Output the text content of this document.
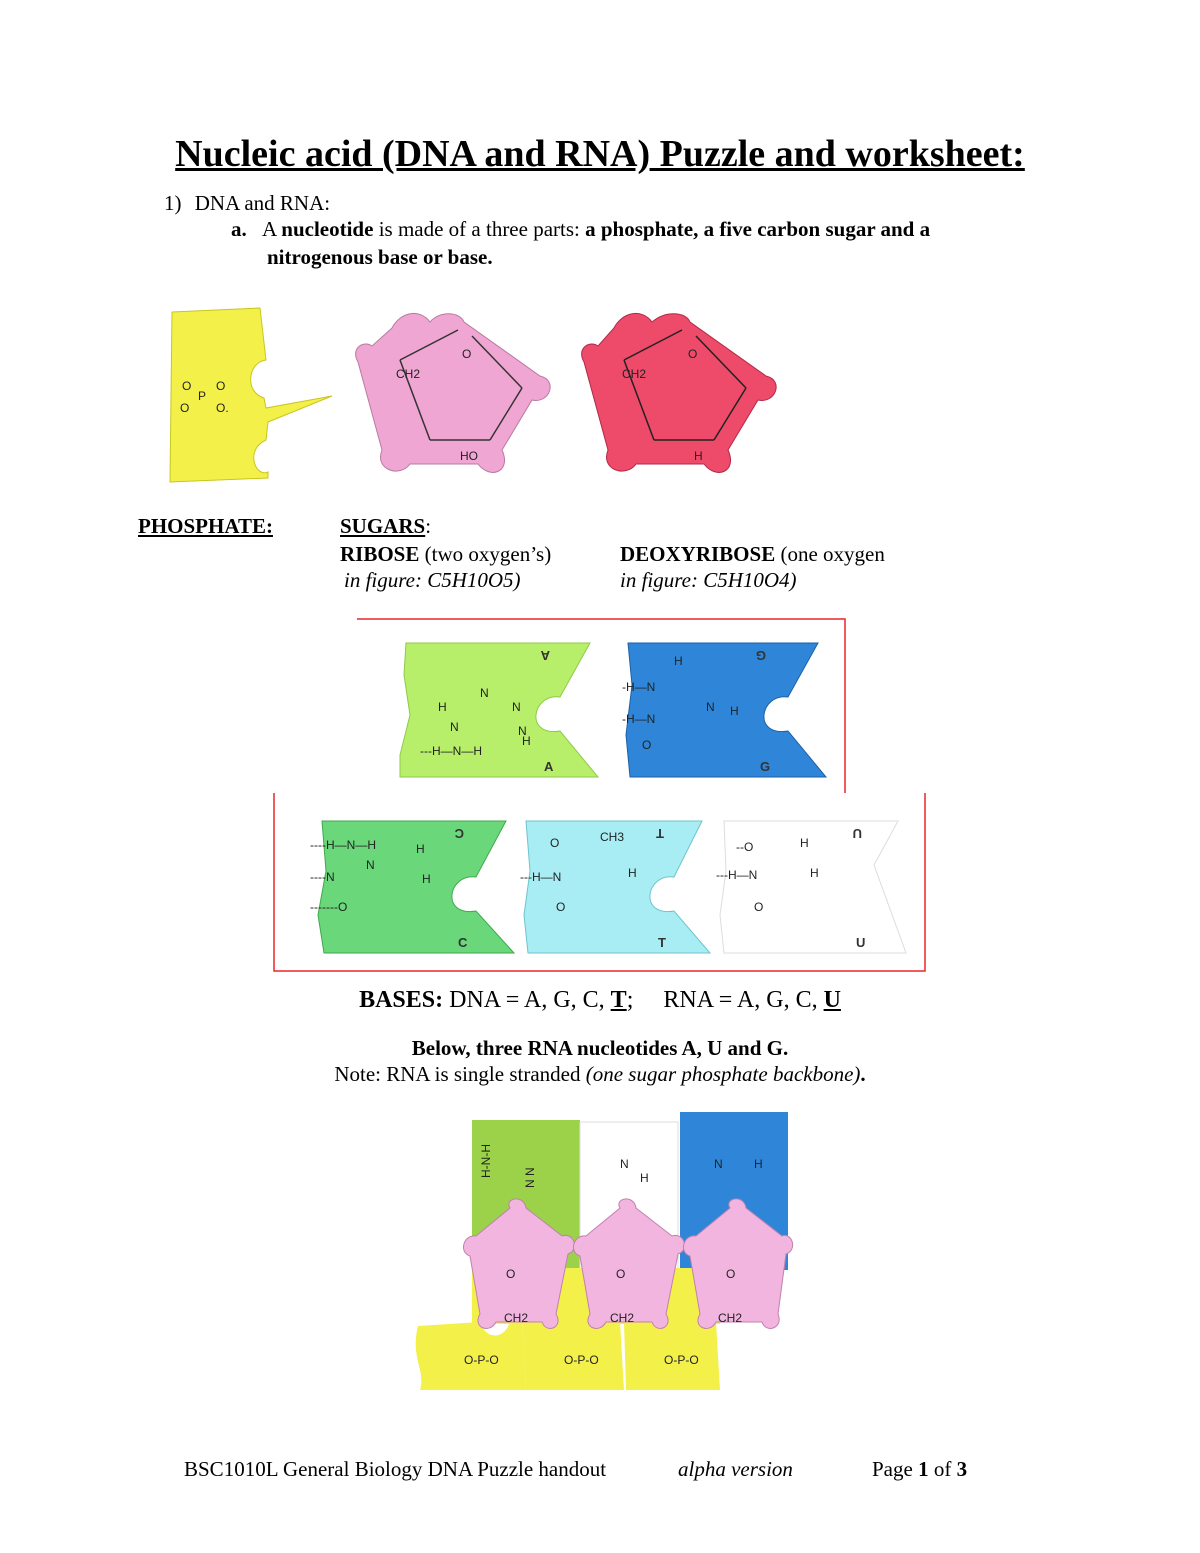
Nucleic acid (DNA and RNA) Puzzle and worksheet:
1) DNA and RNA:
a. A nucleotide is made of a three parts: a phosphate, a five carbon sugar and a
nitrogenous base or base.
O
P
O
O O.
O
CH2
HO
O
CH2
H
PHOSPHATE:	SUGARS:
RIBOSE (two oxygen’s)
in figure: C5H10O5)
DEOXYRIBOSE (one oxygen
in figure: C5H10O4)
H
N
N
N	N
H
---H—N—H
A
A
H
-H—N
-H—N
N H
O
G
G
----H—N—H
N
H
----N	H
-------O
C
C
O	CH3
---H—N	H
O
T
T
--O	H
---H—N	H
O
U
U
BASES: DNA = A, G, C, T;     RNA = A, G, C, U
Below, three RNA nucleotides A, U and G.
Note: RNA is single stranded (one sugar phosphate backbone).
H-N-H	N N
N
H
N	H
O	O	O
CH2	CH2	CH2
O-P-O	O-P-O	O-P-O
BSC1010L General Biology DNA Puzzle handout	alpha version	Page 1 of 3
